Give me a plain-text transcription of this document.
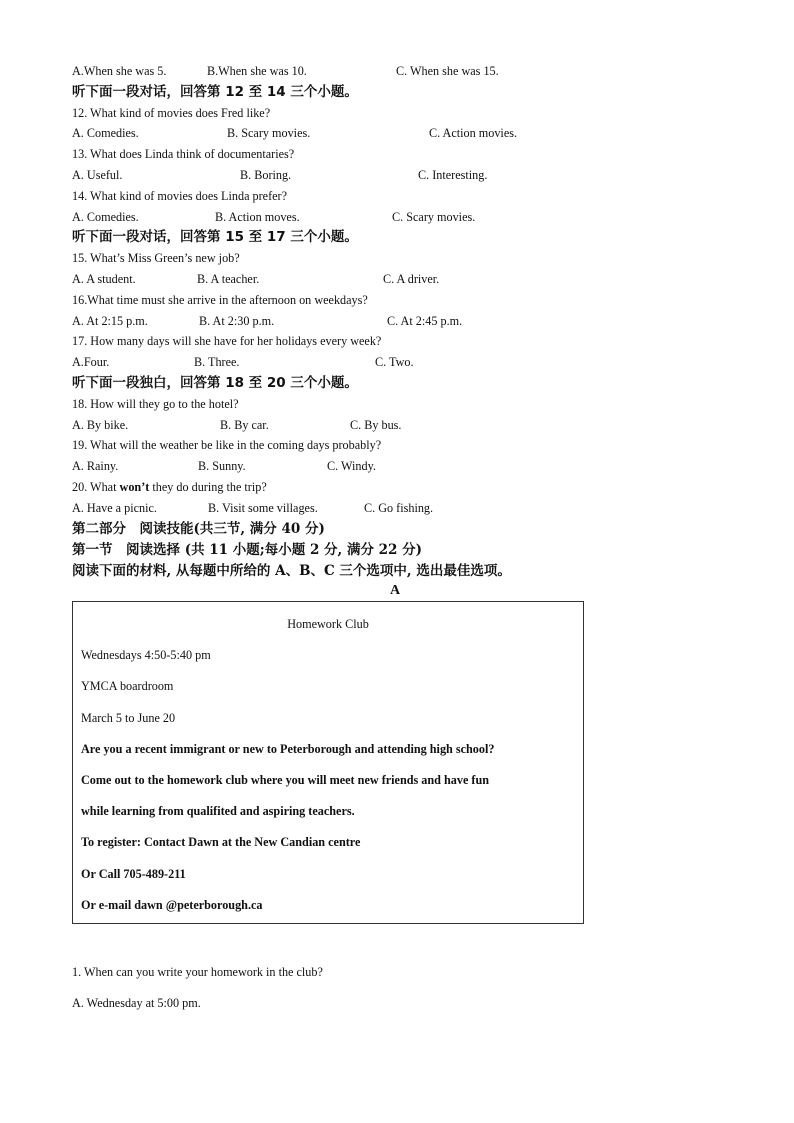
A.When she was 5.	B.When she was 10.	C. When she was 15.
听下面一段对话，回答第 12 至 14 三个小题。
12. What kind of movies does Fred like?
A. Comedies.	B. Scary movies.	C. Action movies.
13. What does Linda think of documentaries?
A. Useful.	B. Boring.	C. Interesting.
14. What kind of movies does Linda prefer?
A. Comedies.	B. Action moves.	C. Scary movies.
听下面一段对话，回答第 15 至 17 三个小题。
15. What’s Miss Green’s new job?
A. A student.	B. A teacher.	C. A driver.
16.What time must she arrive in the afternoon on weekdays?
A. At 2:15 p.m.	B. At 2:30 p.m.	C. At 2:45 p.m.
17. How many days will she have for her holidays every week?
A.Four.	B. Three.	C. Two.
听下面一段独白，回答第 18 至 20 三个小题。
18. How will they go to the hotel?
A. By bike.	B. By car.	C. By bus.
19. What will the weather be like in the coming days probably?
A. Rainy.	B. Sunny.	C. Windy.
20. What won’t they do during the trip?
A. Have a picnic.	B. Visit some villages.	C. Go fishing.
第二部分　阅读技能(共三节, 满分 40 分)
第一节　阅读选择 (共 11 小题;每小题 2 分, 满分 22 分)
阅读下面的材料, 从每题中所给的 A、B、C 三个选项中, 选出最佳选项。
A
Homework Club
Wednesdays 4:50-5:40 pm
YMCA boardroom
March 5 to June 20
Are you a recent immigrant or new to Peterborough and attending high school?
Come out to the homework club where you will meet new friends and have fun
while learning from qualifited and aspiring teachers.
To register: Contact Dawn at the New Candian centre
Or Call 705-489-211
Or e-mail dawn @peterborough.ca
1. When can you write your homework in the club?
A. Wednesday at 5:00 pm.
